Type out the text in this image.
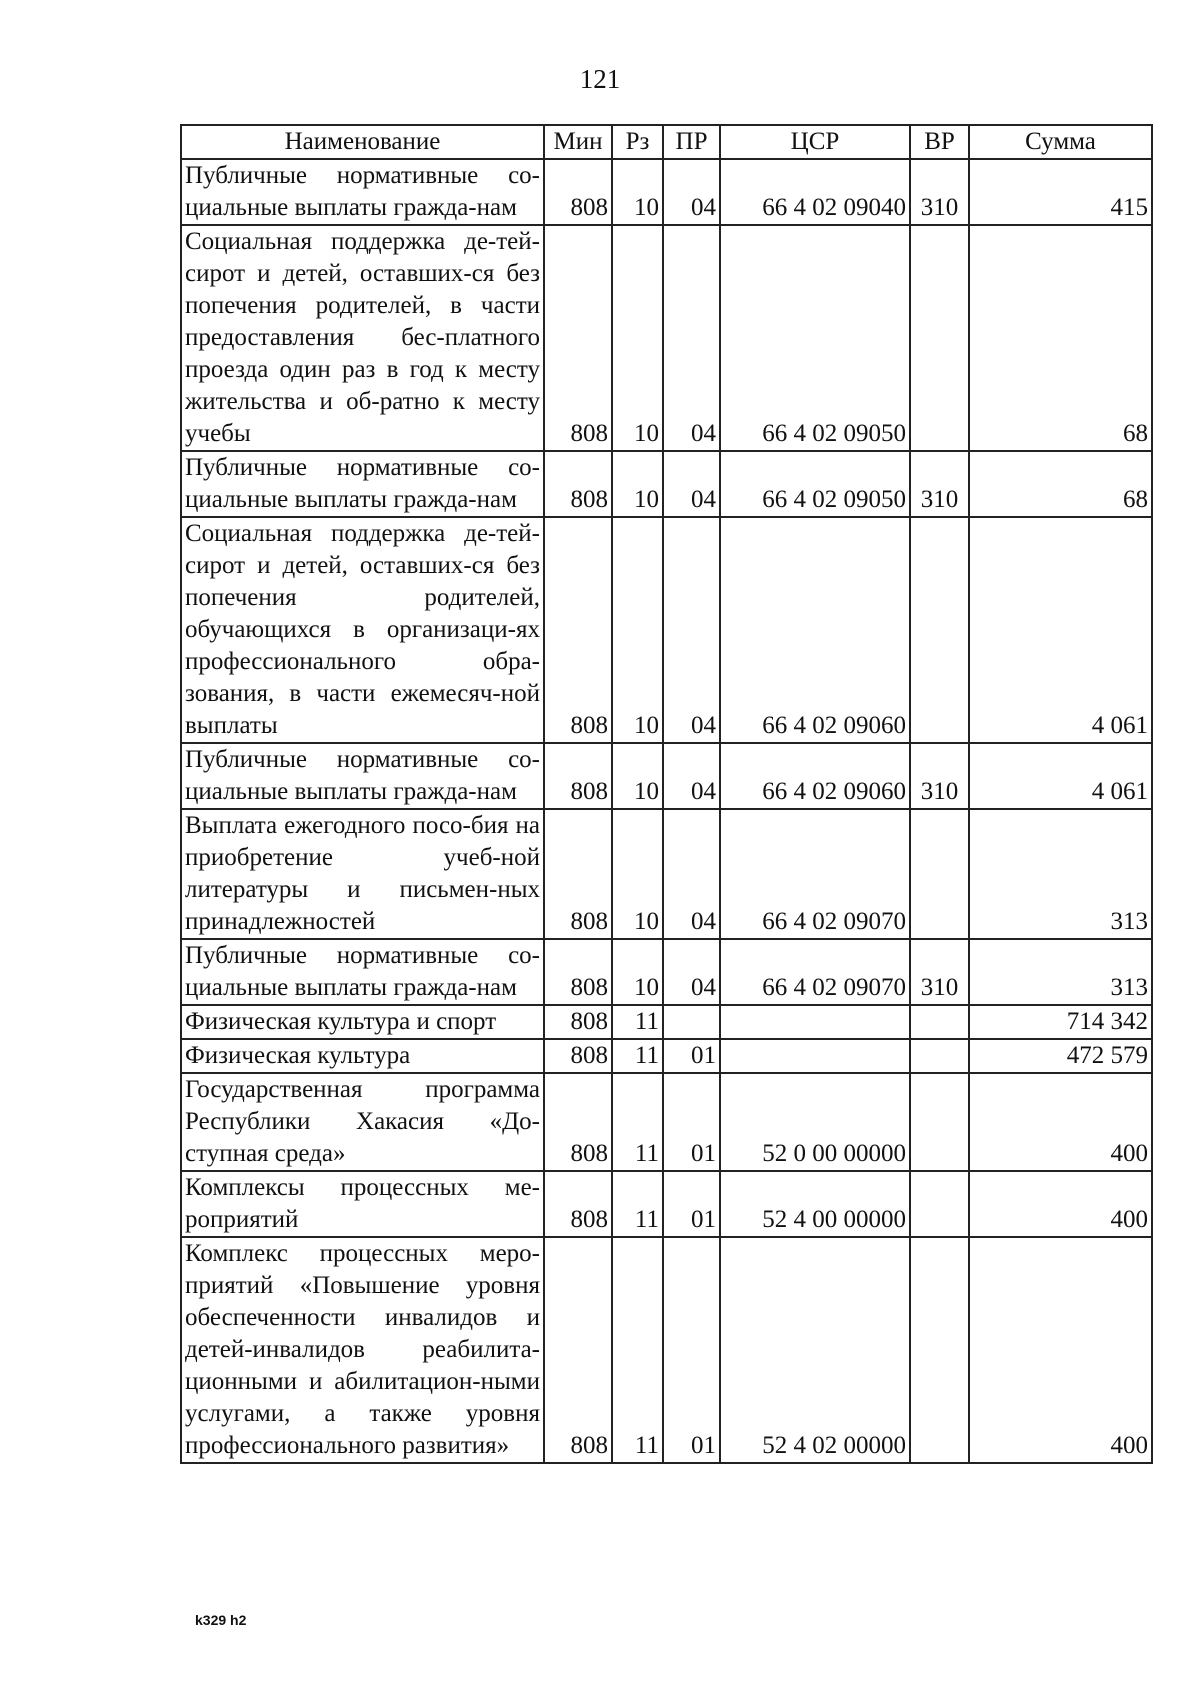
121
Наименование	Мин	Рз	ПР	ЦСР	ВР	Сумма
Публичные нормативные со-циальные выплаты гражда-нам	808	10	04	66 4 02 09040	310	415
Социальная поддержка де-тей-сирот и детей, оставших-ся без попечения родителей, в части предоставления бес-платного проезда один раз в год к месту жительства и об-ратно к месту учебы	808	10	04	66 4 02 09050		68
Публичные нормативные со-циальные выплаты гражда-нам	808	10	04	66 4 02 09050	310	68
Социальная поддержка де-тей-сирот и детей, оставших-ся без попечения родителей, обучающихся в организаци-ях профессионального обра-зования, в части ежемесяч-ной выплаты	808	10	04	66 4 02 09060		4 061
Публичные нормативные со-циальные выплаты гражда-нам	808	10	04	66 4 02 09060	310	4 061
Выплата ежегодного посо-бия на приобретение учеб-ной литературы и письмен-ных принадлежностей	808	10	04	66 4 02 09070		313
Публичные нормативные со-циальные выплаты гражда-нам	808	10	04	66 4 02 09070	310	313
Физическая культура и спорт	808	11				714 342
Физическая культура	808	11	01			472 579
Государственная программа Республики Хакасия «До-ступная среда»	808	11	01	52 0 00 00000		400
Комплексы процессных ме-роприятий	808	11	01	52 4 00 00000		400
Комплекс процессных меро-приятий «Повышение уровня обеспеченности инвалидов и детей-инвалидов реабилита-ционными и абилитацион-ными услугами, а также уровня профессионального развития»	808	11	01	52 4 02 00000		400
k329 h2
